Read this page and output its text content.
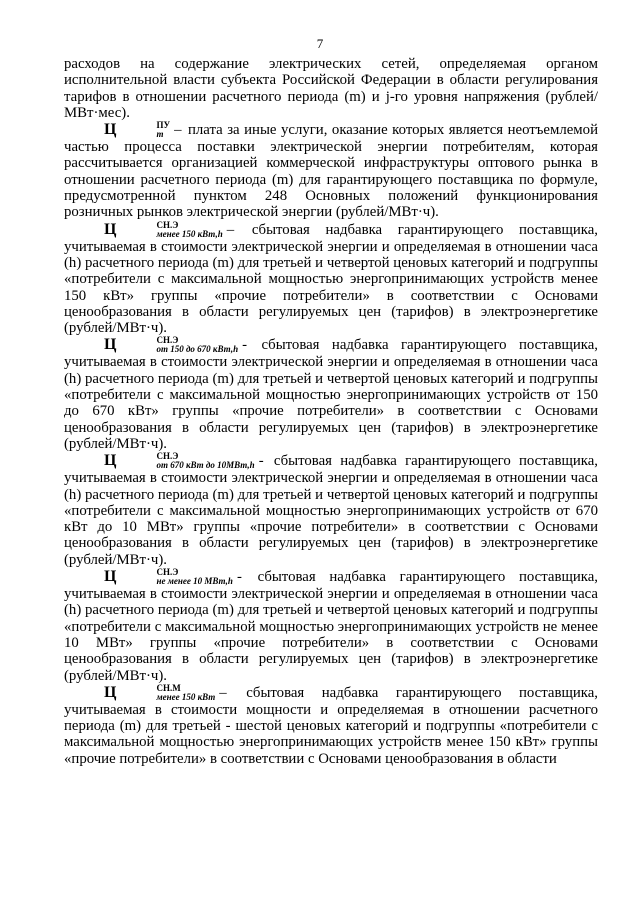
7

расходов на содержание электрических сетей, определяемая органом исполнительной власти субъекта Российской Федерации в области регулирования тарифов в отношении расчетного периода (m) и j-го уровня напряжения (рублей/МВт·мес).

Ц	ПУ
m – плата за иные услуги, оказание которых является неотъемлемой частью процесса поставки электрической энергии потребителям, которая рассчитывается организацией коммерческой инфраструктуры оптового рынка в отношении расчетного периода (m) для гарантирующего поставщика по формуле, предусмотренной пунктом 248 Основных положений функционирования розничных рынков электрической энергии (рублей/МВт·ч).

Ц	СН.Э
менее 150 кВт,h – сбытовая надбавка гарантирующего поставщика, учитываемая в стоимости электрической энергии и определяемая в отношении часа (h) расчетного периода (m) для третьей и четвертой ценовых категорий и подгруппы «потребители с максимальной мощностью энергопринимающих устройств менее 150 кВт» группы «прочие потребители» в соответствии с Основами ценообразования в области регулируемых цен (тарифов) в электроэнергетике (рублей/МВт·ч).

Ц	СН.Э
от 150 до 670 кВт,h - сбытовая надбавка гарантирующего поставщика, учитываемая в стоимости электрической энергии и определяемая в отношении часа (h) расчетного периода (m) для третьей и четвертой ценовых категорий и подгруппы «потребители с максимальной мощностью энергопринимающих устройств от 150 до 670 кВт» группы «прочие потребители» в соответствии с Основами ценообразования в области регулируемых цен (тарифов) в электроэнергетике (рублей/МВт·ч).

Ц	СН.Э
от 670 кВт до 10МВт,h - сбытовая надбавка гарантирующего поставщика, учитываемая в стоимости электрической энергии и определяемая в отношении часа (h) расчетного периода (m) для третьей и четвертой ценовых категорий и подгруппы «потребители с максимальной мощностью энергопринимающих устройств от 670 кВт до 10 МВт» группы «прочие потребители» в соответствии с Основами ценообразования в области регулируемых цен (тарифов) в электроэнергетике (рублей/МВт·ч).

Ц	СН.Э
не менее 10 МВт,h - сбытовая надбавка гарантирующего поставщика, учитываемая в стоимости электрической энергии и определяемая в отношении часа (h) расчетного периода (m) для третьей и четвертой ценовых категорий и подгруппы «потребители с максимальной мощностью энергопринимающих устройств не менее 10 МВт» группы «прочие потребители» в соответствии с Основами ценообразования в области регулируемых цен (тарифов) в электроэнергетике (рублей/МВт·ч).

Ц	СН.М
менее 150 кВт – сбытовая надбавка гарантирующего поставщика, учитываемая в стоимости мощности и определяемая в отношении расчетного периода (m) для третьей - шестой ценовых категорий и подгруппы «потребители с максимальной мощностью энергопринимающих устройств менее 150 кВт» группы «прочие потребители» в соответствии с Основами ценообразования в области
